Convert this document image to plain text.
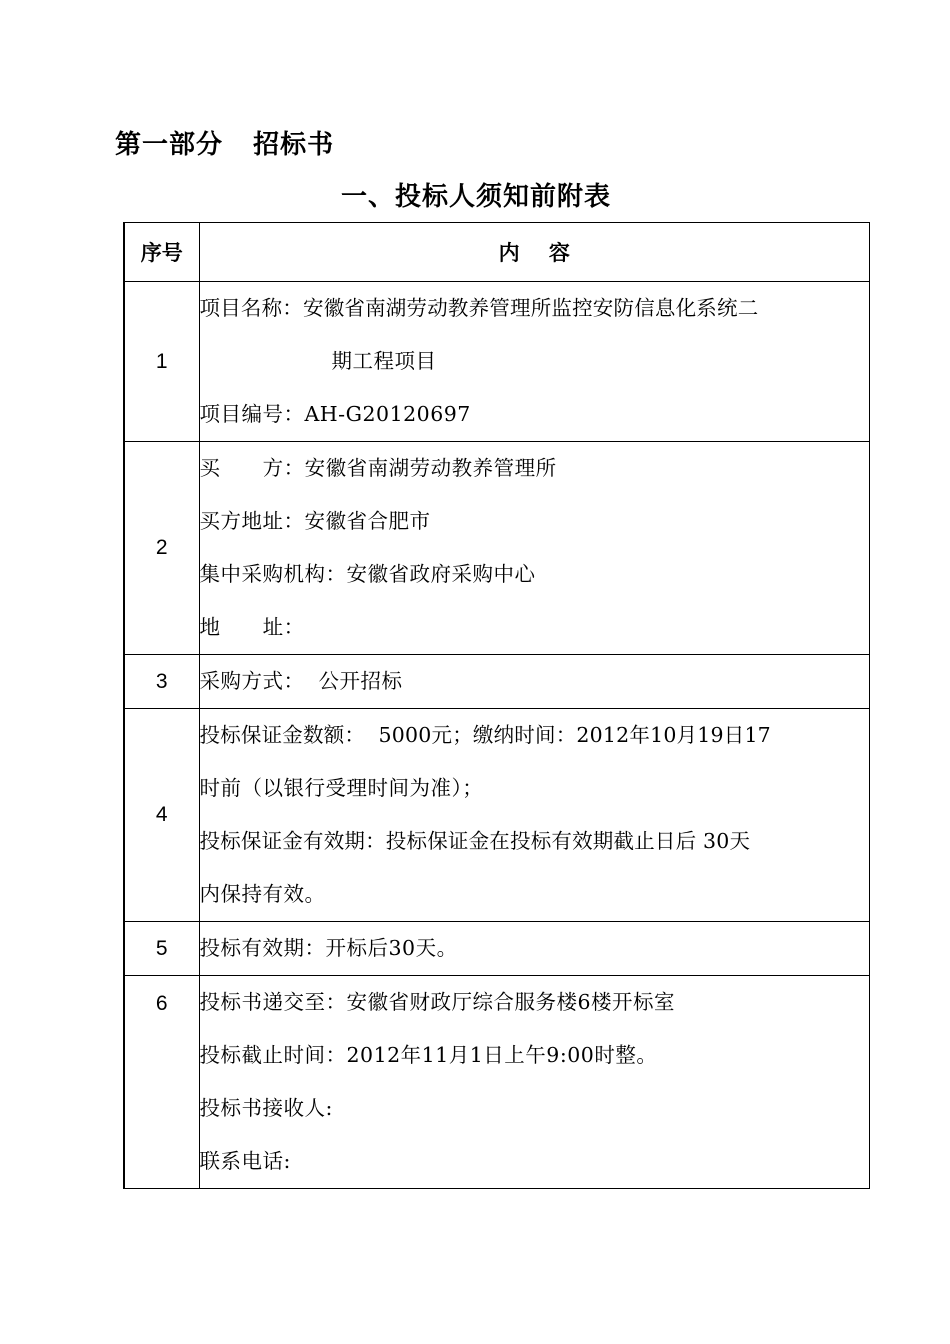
第一部分   招标书
一、投标人须知前附表
序号	内    容
1	项目名称：安徽省南湖劳动教养管理所监控安防信息化系统二
期工程项目
项目编号：AH-G20120697

2	买      方：安徽省南湖劳动教养管理所
买方地址：安徽省合肥市
集中采购机构：安徽省政府采购中心
地      址：

3	采购方式：  公开招标

4	投标保证金数额：  5000元；缴纳时间：2012年10月19日17
时前（以银行受理时间为准）；
投标保证金有效期：投标保证金在投标有效期截止日后 30天
内保持有效。

5	投标有效期：开标后30天。

6	投标书递交至：安徽省财政厅综合服务楼6楼开标室
投标截止时间：2012年11月1日上午9:00时整。
投标书接收人:
联系电话:
